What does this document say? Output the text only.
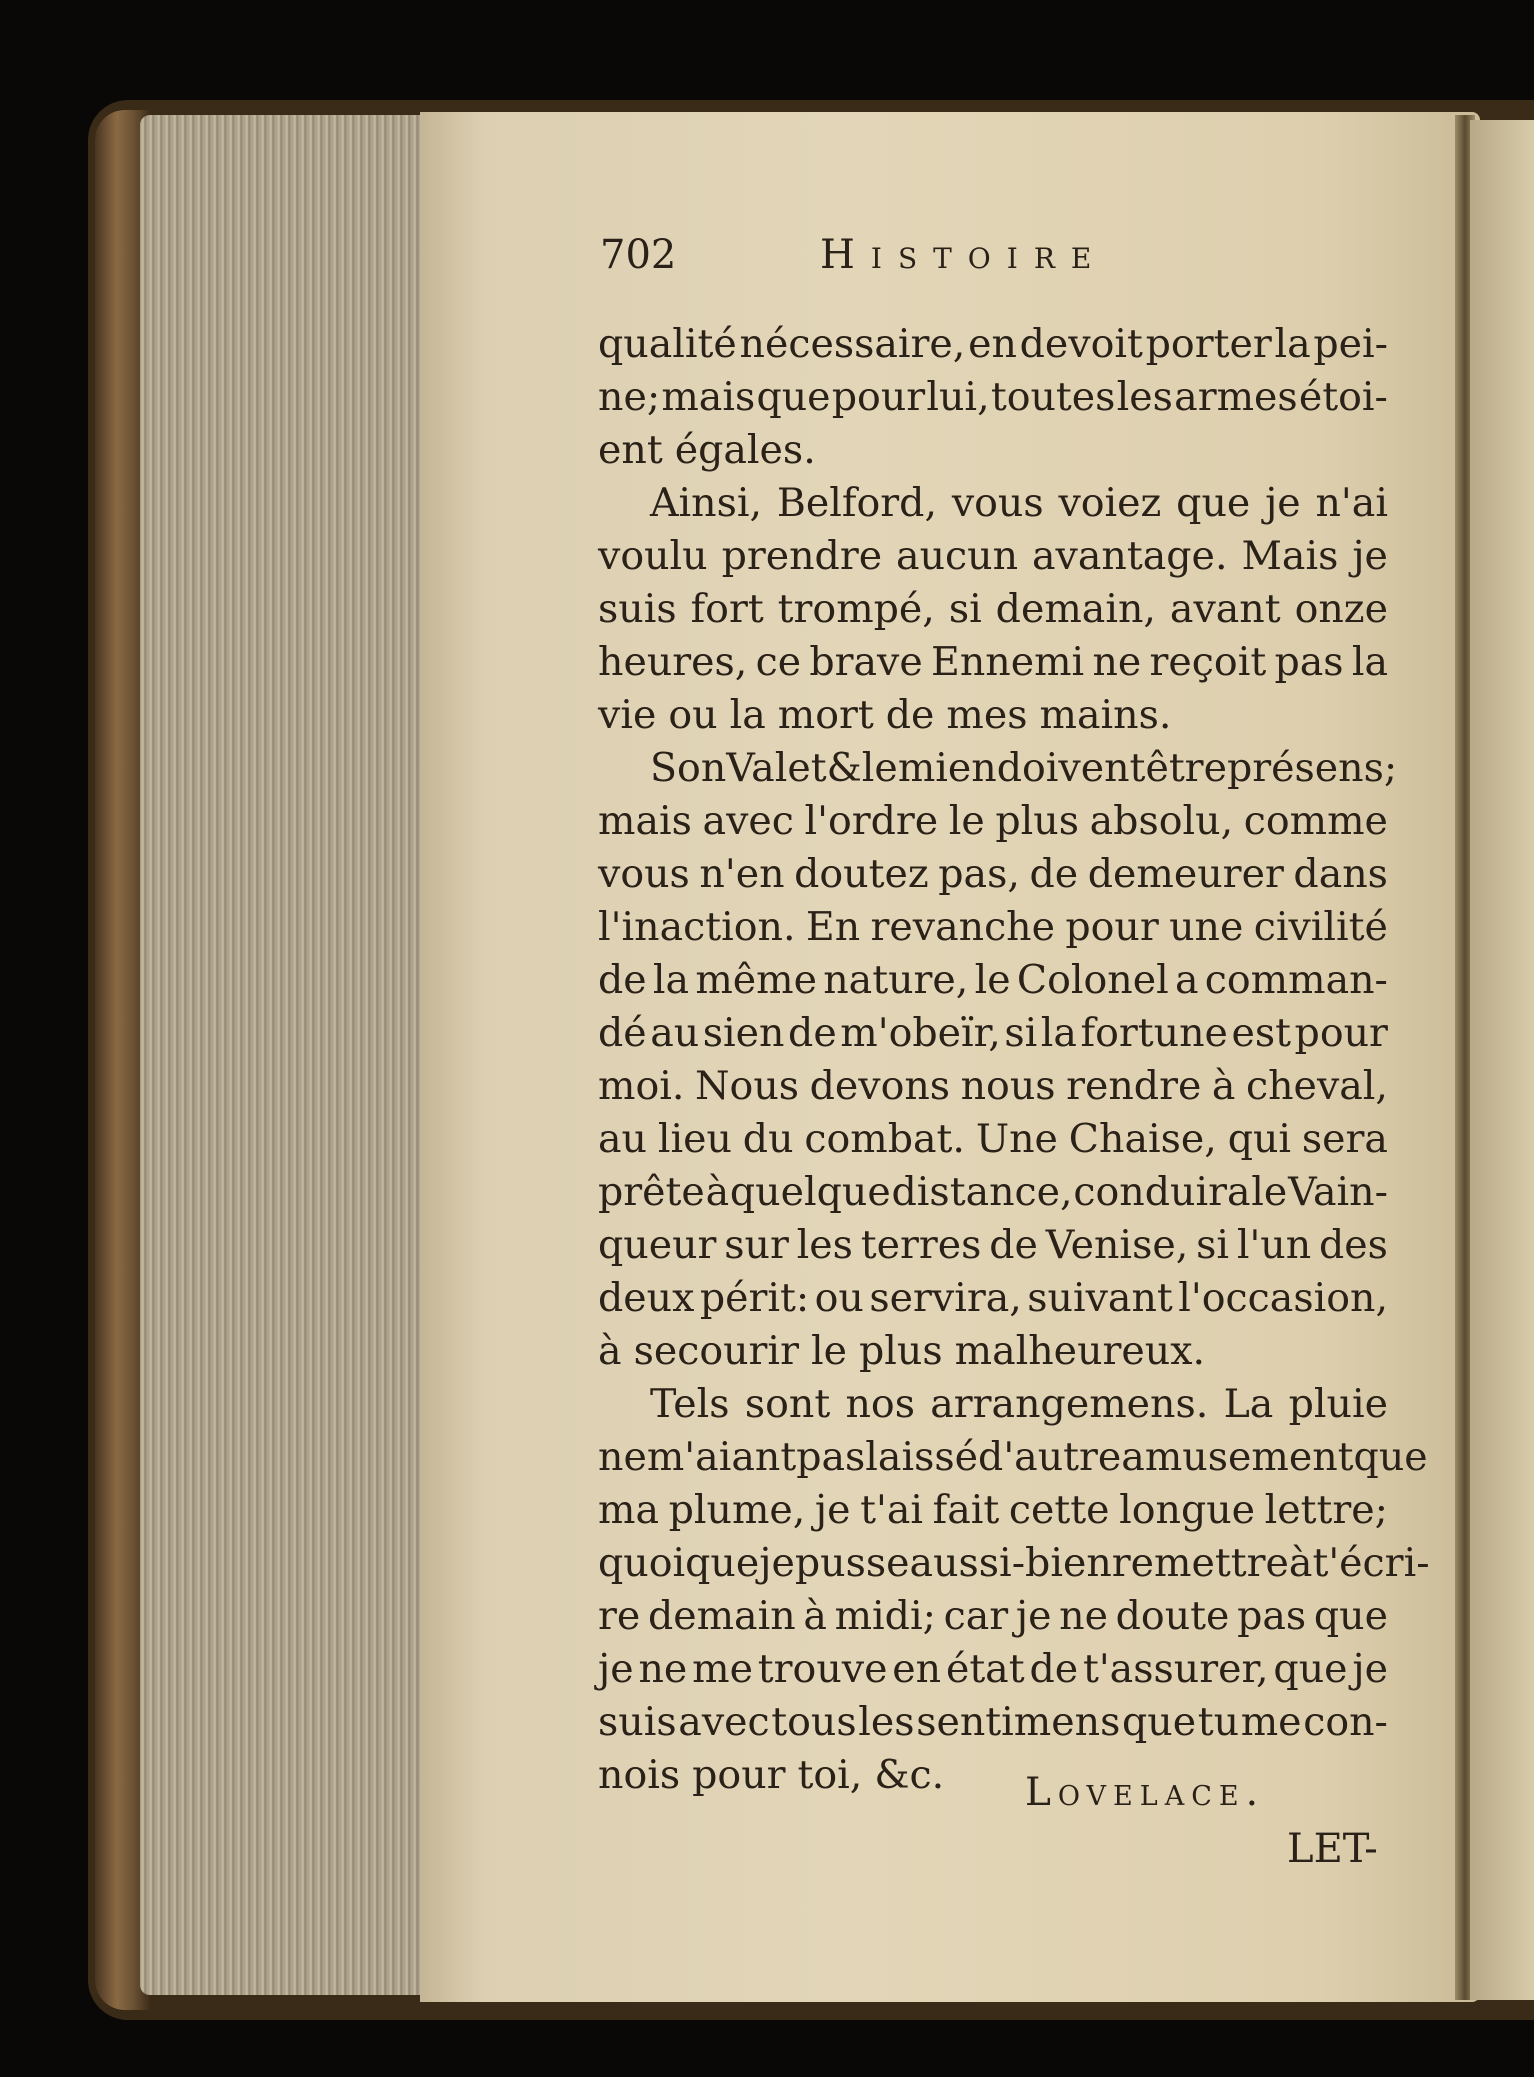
702	Histoire
qualité nécessaire, en devoit porter la pei-
ne; mais que pour lui, toutes les armes étoi-
ent égales.
Ainsi, Belford, vous voiez que je n'ai
voulu prendre aucun avantage. Mais je
suis fort trompé, si demain, avant onze
heures, ce brave Ennemi ne reçoit pas la
vie ou la mort de mes mains.
Son Valet & le mien doivent être présens;
mais avec l'ordre le plus absolu, comme
vous n'en doutez pas, de demeurer dans
l'inaction. En revanche pour une civilité
de la même nature, le Colonel a comman-
dé au sien de m'obeïr, si la fortune est pour
moi. Nous devons nous rendre à cheval,
au lieu du combat. Une Chaise, qui sera
prête à quelque distance, conduira le Vain-
queur sur les terres de Venise, si l'un des
deux périt: ou servira, suivant l'occasion,
à secourir le plus malheureux.
Tels sont nos arrangemens. La pluie
ne m'aiant pas laissé d'autre amusement que
ma plume, je t'ai fait cette longue lettre;
quoique je pusse aussi-bien remettre à t'écri-
re demain à midi; car je ne doute pas que
je ne me trouve en état de t'assurer, que je
suis avec tous les sentimens que tu me con-
nois pour toi, &c. Lovelace.
LET-
